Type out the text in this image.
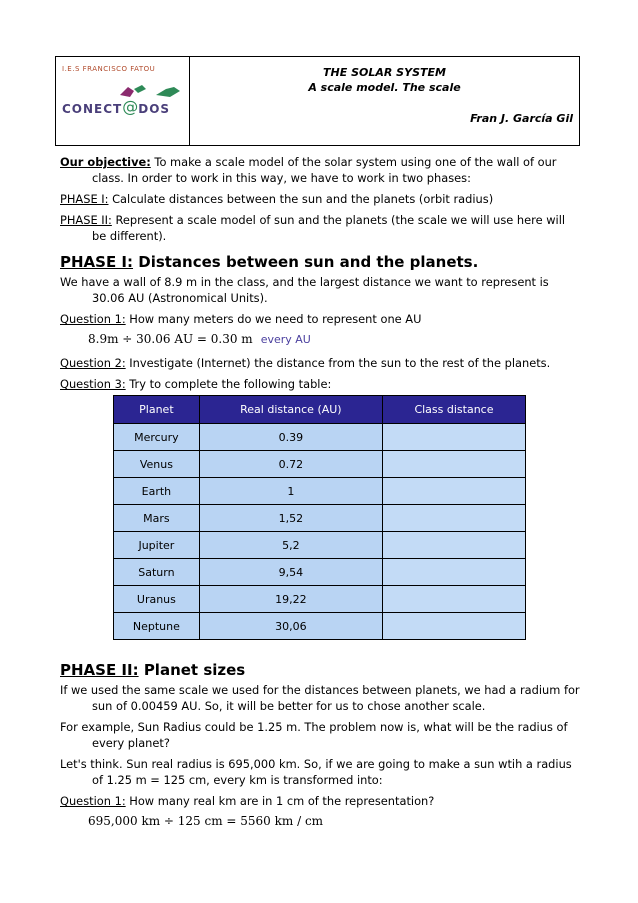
I.E.S FRANCISCO FATOU
CONECT @ DOS
THE SOLAR SYSTEM
A scale model. The scale
Fran J. García Gil
Our objective: To make a scale model of the solar system using one of the wall of our class. In order to work in this way, we have to work in two phases:
PHASE I: Calculate distances between the sun and the planets (orbit radius)
PHASE II: Represent a scale model of sun and the planets (the scale we will use here will be different).
PHASE I: Distances between sun and the planets.
We have a wall of 8.9 m in the class, and the largest distance we want to represent is 30.06 AU (Astronomical Units).
Question 1: How many meters do we need to represent one AU
8.9m ÷ 30.06 AU = 0.30 m every AU
Question 2: Investigate (Internet) the distance from the sun to the rest of the planets.
Question 3: Try to complete the following table:
Planet	Real distance (AU)	Class distance
Mercury	0.39	
Venus	0.72	
Earth	1	
Mars	1,52	
Jupiter	5,2	
Saturn	9,54	
Uranus	19,22	
Neptune	30,06	
PHASE II: Planet sizes
If we used the same scale we used for the distances between planets, we had a radium for sun of 0.00459 AU. So, it will be better for us to chose another scale.
For example, Sun Radius could be 1.25 m. The problem now is, what will be the radius of every planet?
Let's think. Sun real radius is 695,000 km. So, if we are going to make a sun wtih a radius of 1.25 m = 125 cm, every km is transformed into:
Question 1: How many real km are in 1 cm of the representation?
695,000 km ÷ 125 cm = 5560 km / cm
